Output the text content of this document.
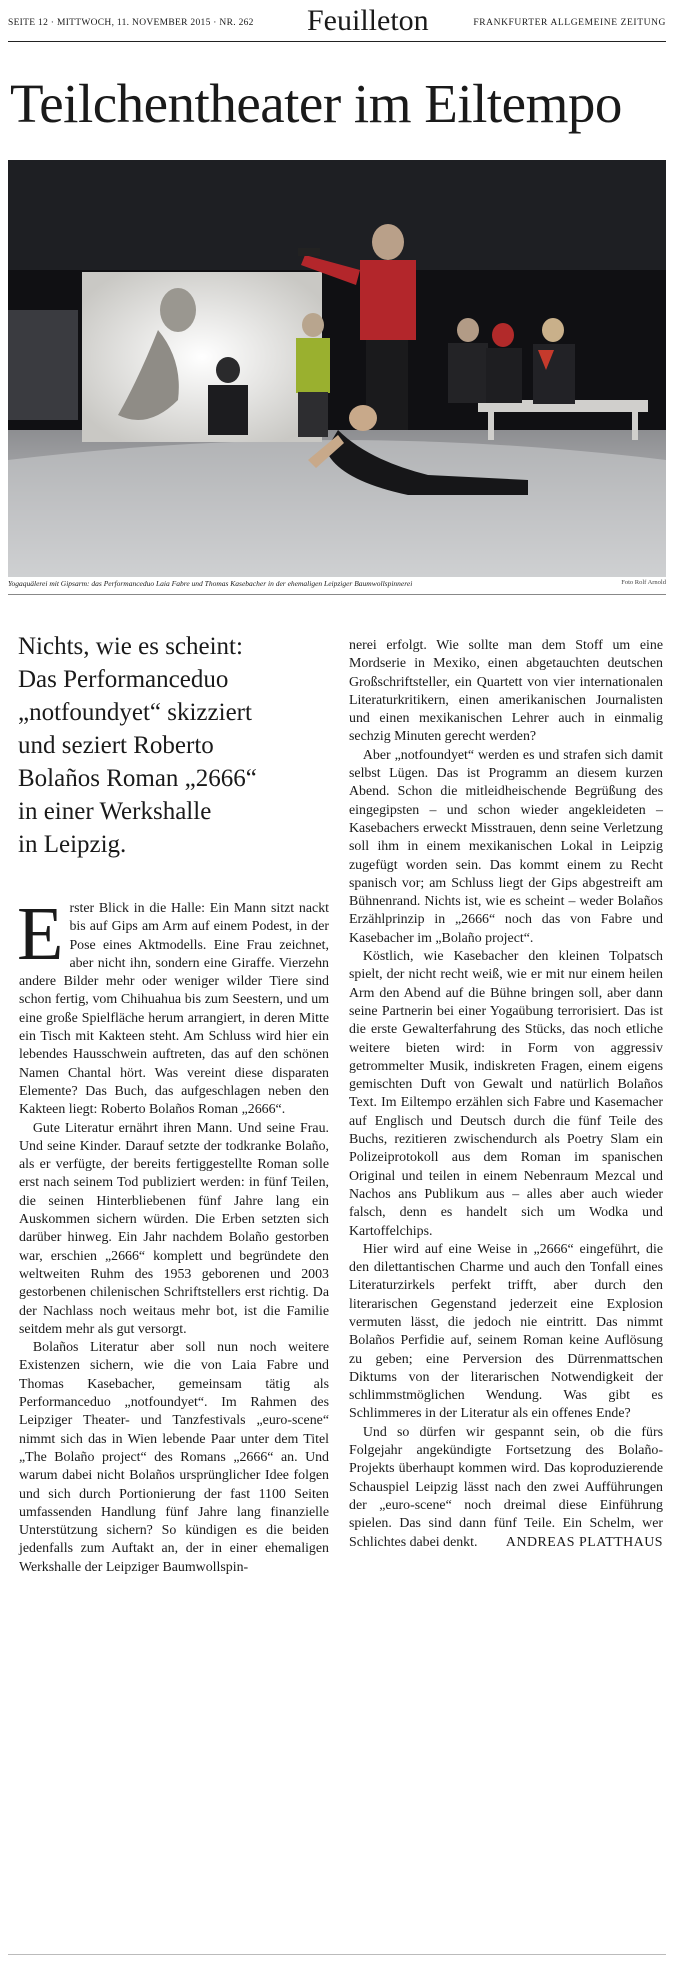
SEITE 12 · MITTWOCH, 11. NOVEMBER 2015 · NR. 262 Feuilleton	FRANKFURTER ALLGEMEINE ZEITUNG
Teilchentheater im Eiltempo
Yogaquälerei mit Gipsarm: das Performanceduo Laia Fabre und Thomas Kasebacher in der ehemaligen Leipziger Baumwollspinnerei	Foto Rolf Arnold

Nichts, wie es scheint:

Das Performanceduo

„notfoundyet“ skizziert

und seziert Roberto

Bolaños Roman „2666“

in einer Werkshalle

in Leipzig.

Erster Blick in die Halle: Ein Mann sitzt nackt bis auf Gips am Arm auf einem Podest, in der Pose eines Aktmodells. Eine Frau zeichnet, aber nicht ihn, sondern eine Giraffe. Vierzehn andere Bilder mehr oder weniger wilder Tiere sind schon fertig, vom Chihuahua bis zum Seestern, und um eine große Spielfläche herum arrangiert, in deren Mitte ein Tisch mit Kakteen steht. Am Schluss wird hier ein lebendes Hausschwein auftreten, das auf den schönen Namen Chantal hört. Was vereint diese disparaten Elemente? Das Buch, das aufgeschlagen neben den Kakteen liegt: Roberto Bolaños Roman „2666“.

Gute Literatur ernährt ihren Mann. Und seine Frau. Und seine Kinder. Darauf setzte der todkranke Bolaño, als er verfügte, der bereits fertiggestellte Roman solle erst nach seinem Tod publiziert werden: in fünf Teilen, die seinen Hinterbliebenen fünf Jahre lang ein Auskommen sichern würden. Die Erben setzten sich darüber hinweg. Ein Jahr nachdem Bolaño gestorben war, erschien „2666“ komplett und begründete den weltweiten Ruhm des 1953 geborenen und 2003 gestorbenen chilenischen Schriftstellers erst richtig. Da der Nachlass noch weitaus mehr bot, ist die Familie seitdem mehr als gut versorgt.

Bolaños Literatur aber soll nun noch weitere Existenzen sichern, wie die von Laia Fabre und Thomas Kasebacher, gemeinsam tätig als Performanceduo „notfoundyet“. Im Rahmen des Leipziger Theater- und Tanzfestivals „euro-scene“ nimmt sich das in Wien lebende Paar unter dem Titel „The Bolaño project“ des Romans „2666“ an. Und warum dabei nicht Bolaños ursprünglicher Idee folgen und sich durch Portionierung der fast 1100 Seiten umfassenden Handlung fünf Jahre lang finanzielle Unterstützung sichern? So kündigen es die beiden jedenfalls zum Auftakt an, der in einer ehemaligen Werkshalle der Leipziger Baumwollspin-

nerei erfolgt. Wie sollte man dem Stoff um eine Mordserie in Mexiko, einen abgetauchten deutschen Großschriftsteller, ein Quartett von vier internationalen Literaturkritikern, einen amerikanischen Journalisten und einen mexikanischen Lehrer auch in einmalig sechzig Minuten gerecht werden?

Aber „notfoundyet“ werden es und strafen sich damit selbst Lügen. Das ist Programm an diesem kurzen Abend. Schon die mitleidheischende Begrüßung des eingegipsten – und schon wieder angekleideten – Kasebachers erweckt Misstrauen, denn seine Verletzung soll ihm in einem mexikanischen Lokal in Leipzig zugefügt worden sein. Das kommt einem zu Recht spanisch vor; am Schluss liegt der Gips abgestreift am Bühnenrand. Nichts ist, wie es scheint – weder Bolaños Erzählprinzip in „2666“ noch das von Fabre und Kasebacher im „Bolaño project“.

Köstlich, wie Kasebacher den kleinen Tolpatsch spielt, der nicht recht weiß, wie er mit nur einem heilen Arm den Abend auf die Bühne bringen soll, aber dann seine Partnerin bei einer Yogaübung terrorisiert. Das ist die erste Gewalterfahrung des Stücks, das noch etliche weitere bieten wird: in Form von aggressiv getrommelter Musik, indiskreten Fragen, einem eigens gemischten Duft von Gewalt und natürlich Bolaños Text. Im Eiltempo erzählen sich Fabre und Kasemacher auf Englisch und Deutsch durch die fünf Teile des Buchs, rezitieren zwischendurch als Poetry Slam ein Polizeiprotokoll aus dem Roman im spanischen Original und teilen in einem Nebenraum Mezcal und Nachos ans Publikum aus – alles aber auch wieder falsch, denn es handelt sich um Wodka und Kartoffelchips.

Hier wird auf eine Weise in „2666“ eingeführt, die den dilettantischen Charme und auch den Tonfall eines Literaturzirkels perfekt trifft, aber durch den literarischen Gegenstand jederzeit eine Explosion vermuten lässt, die jedoch nie eintritt. Das nimmt Bolaños Perfidie auf, seinem Roman keine Auflösung zu geben; eine Perversion des Dürrenmattschen Diktums von der literarischen Notwendigkeit der schlimmstmöglichen Wendung. Was gibt es Schlimmeres in der Literatur als ein offenes Ende?

Und so dürfen wir gespannt sein, ob die fürs Folgejahr angekündigte Fortsetzung des Bolaño-Projekts überhaupt kommen wird. Das koproduzierende Schauspiel Leipzig lässt nach den zwei Aufführungen der „euro-scene“ noch dreimal diese Einführung spielen. Das sind dann fünf Teile. Ein Schelm, wer Schlichtes dabei denkt.	ANDREAS PLATTHAUS
